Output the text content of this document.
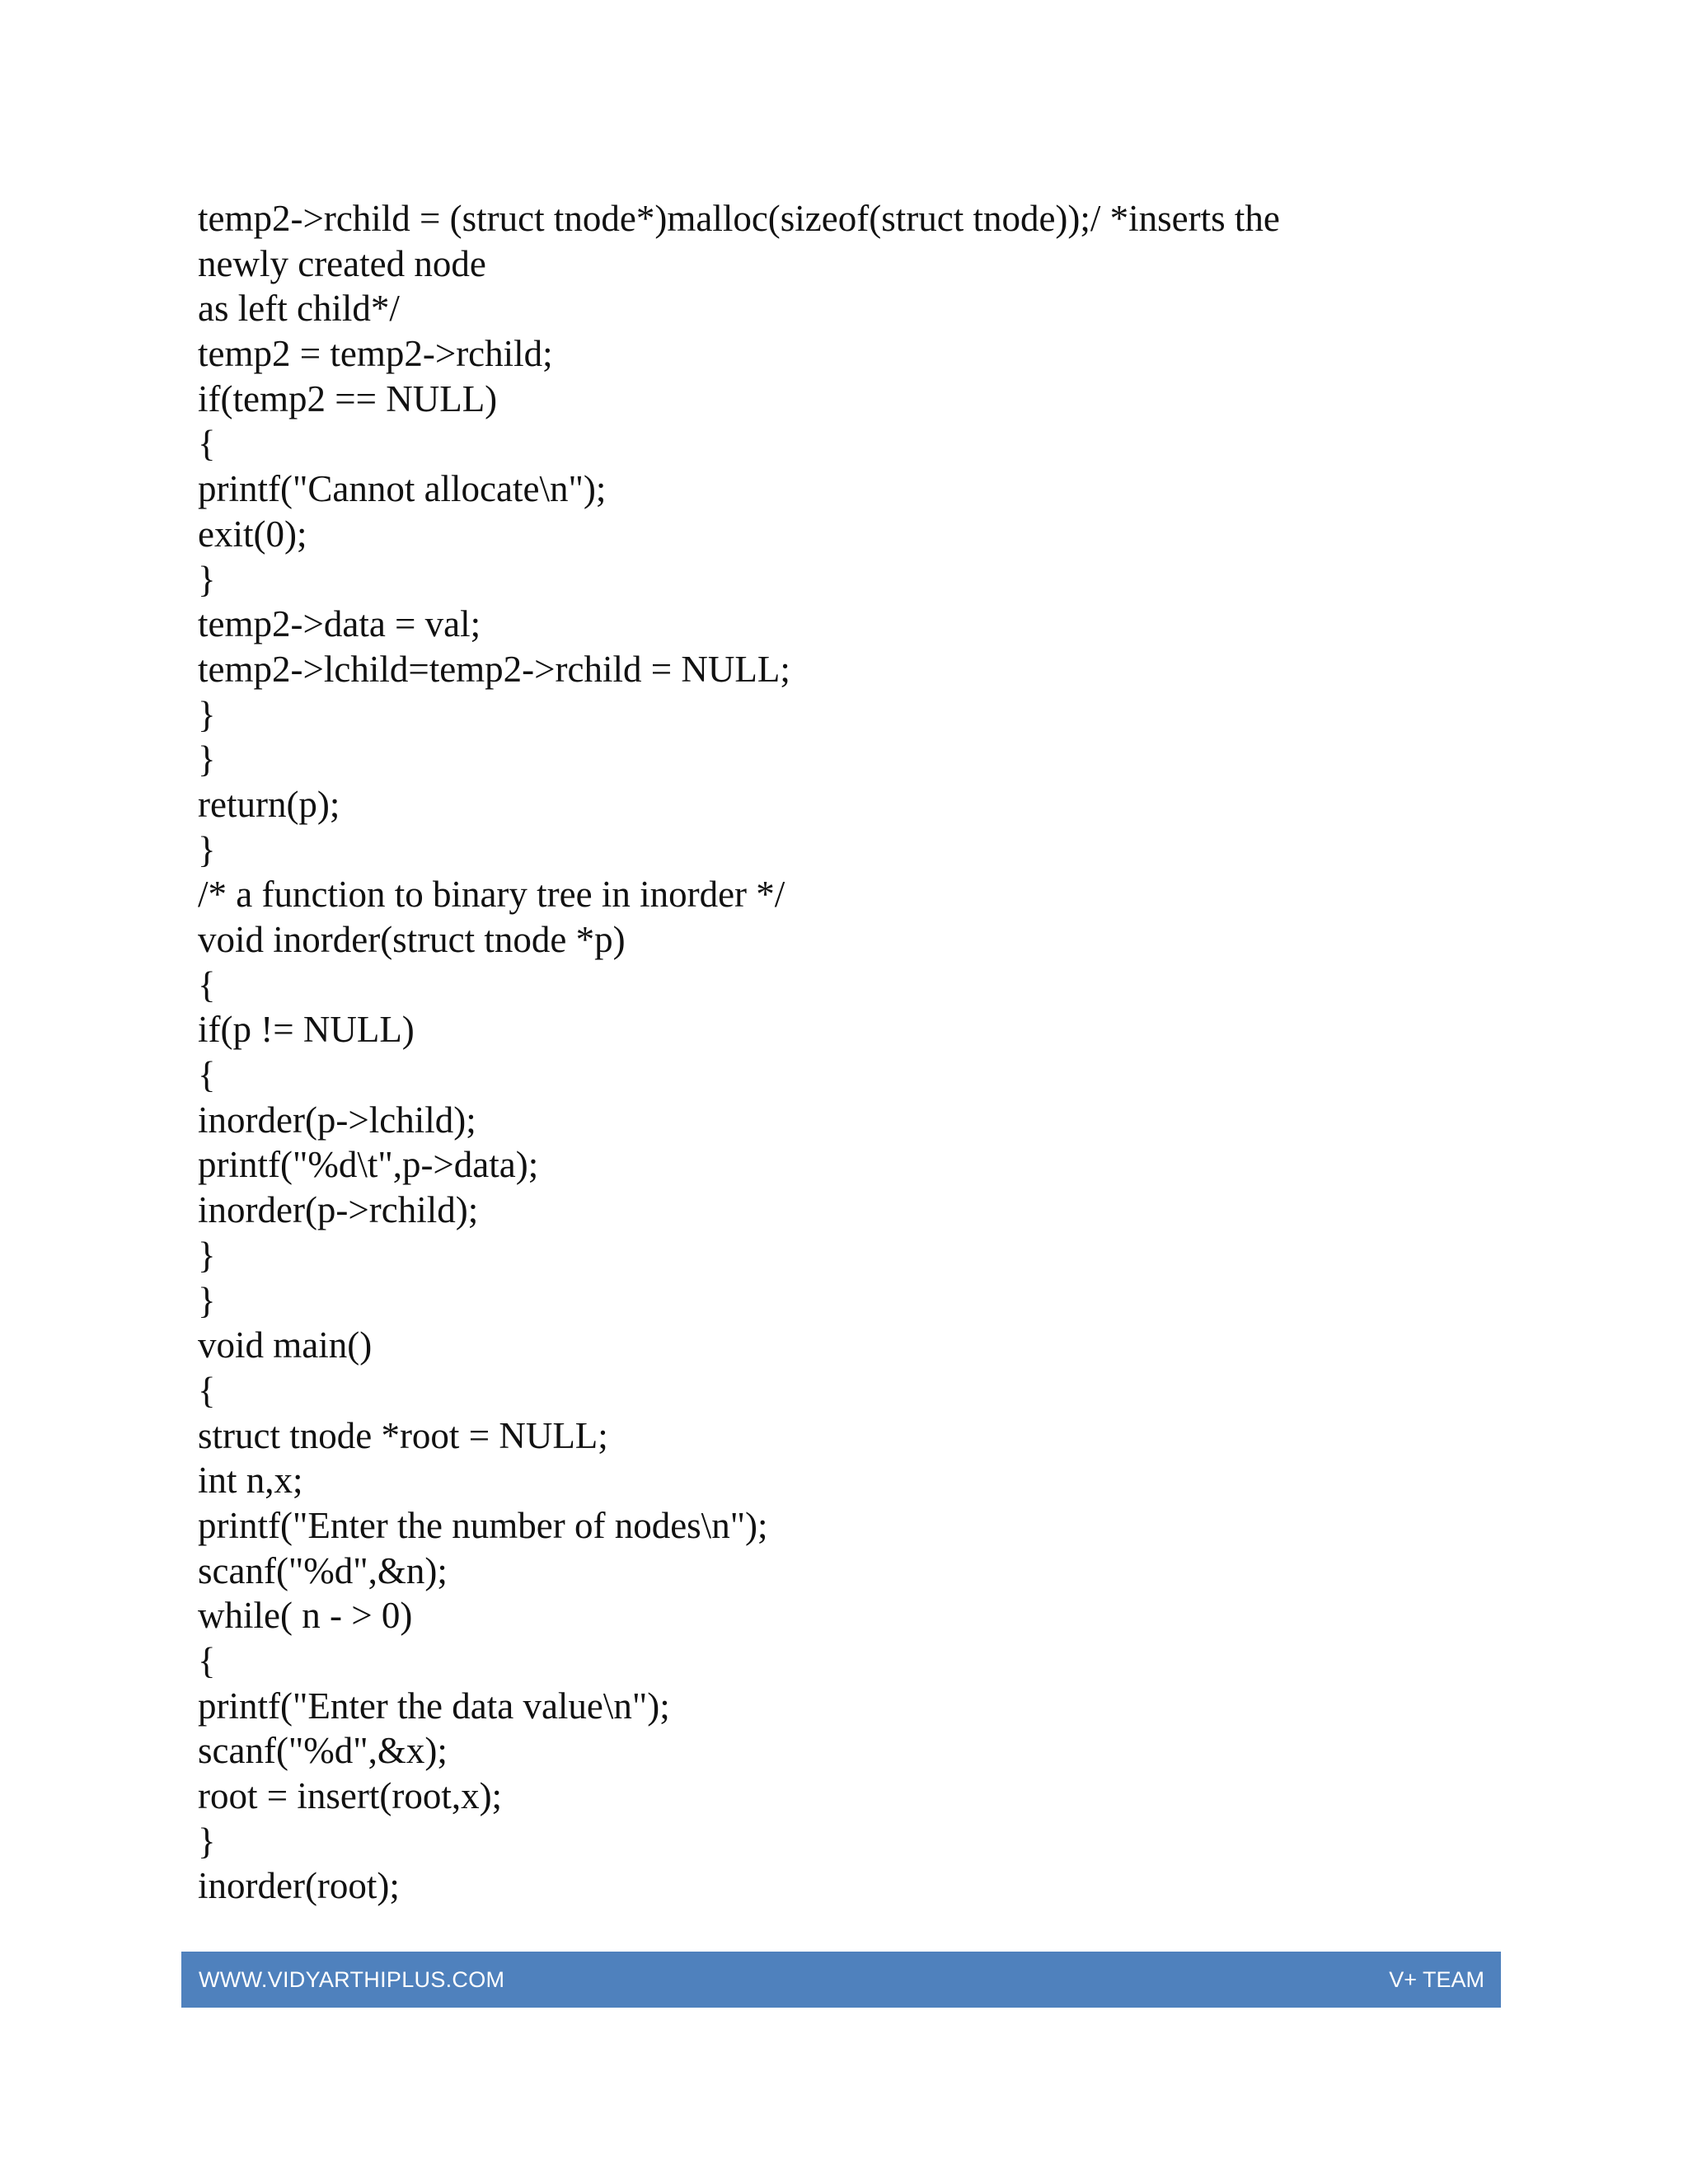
temp2->rchild = (struct tnode*)malloc(sizeof(struct tnode));/ *inserts the
newly created node
as left child*/
temp2 = temp2->rchild;
if(temp2 == NULL)
{
printf("Cannot allocate\n");
exit(0);
}
temp2->data = val;
temp2->lchild=temp2->rchild = NULL;
}
}
return(p);
}
/* a function to binary tree in inorder */
void inorder(struct tnode *p)
{
if(p != NULL)
{
inorder(p->lchild);
printf("%d\t",p->data);
inorder(p->rchild);
}
}
void main()
{
struct tnode *root = NULL;
int n,x;
printf("Enter the number of nodes\n");
scanf("%d",&n);
while( n - > 0)
{
printf("Enter the data value\n");
scanf("%d",&x);
root = insert(root,x);
}
inorder(root);
WWW.VIDYARTHIPLUS.COM	V+ TEAM
